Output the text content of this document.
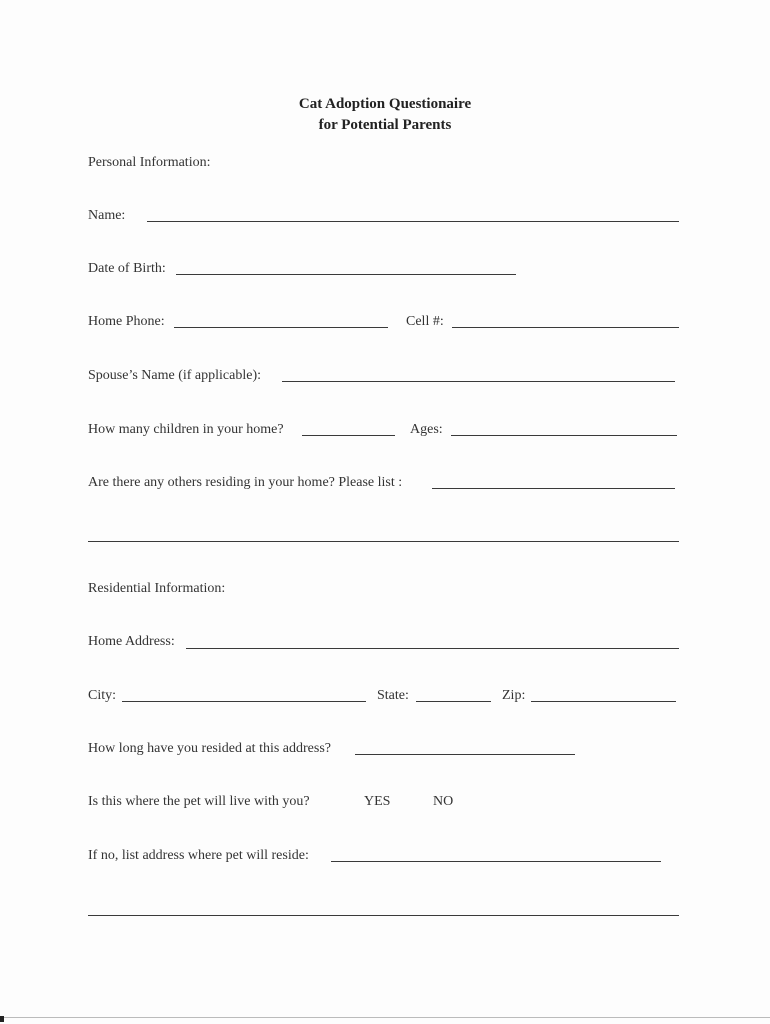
Cat Adoption Questionaire
for Potential Parents
Personal Information:
Name:
Date of Birth:
Home Phone:	Cell #:
Spouse’s Name (if applicable):
How many children in your home?	Ages:
Are there any others residing in your home? Please list :
Residential Information:
Home Address:
City:	State:	Zip:
How long have you resided at this address?
Is this where the pet will live with you?	YES	NO
If no, list address where pet will reside:
